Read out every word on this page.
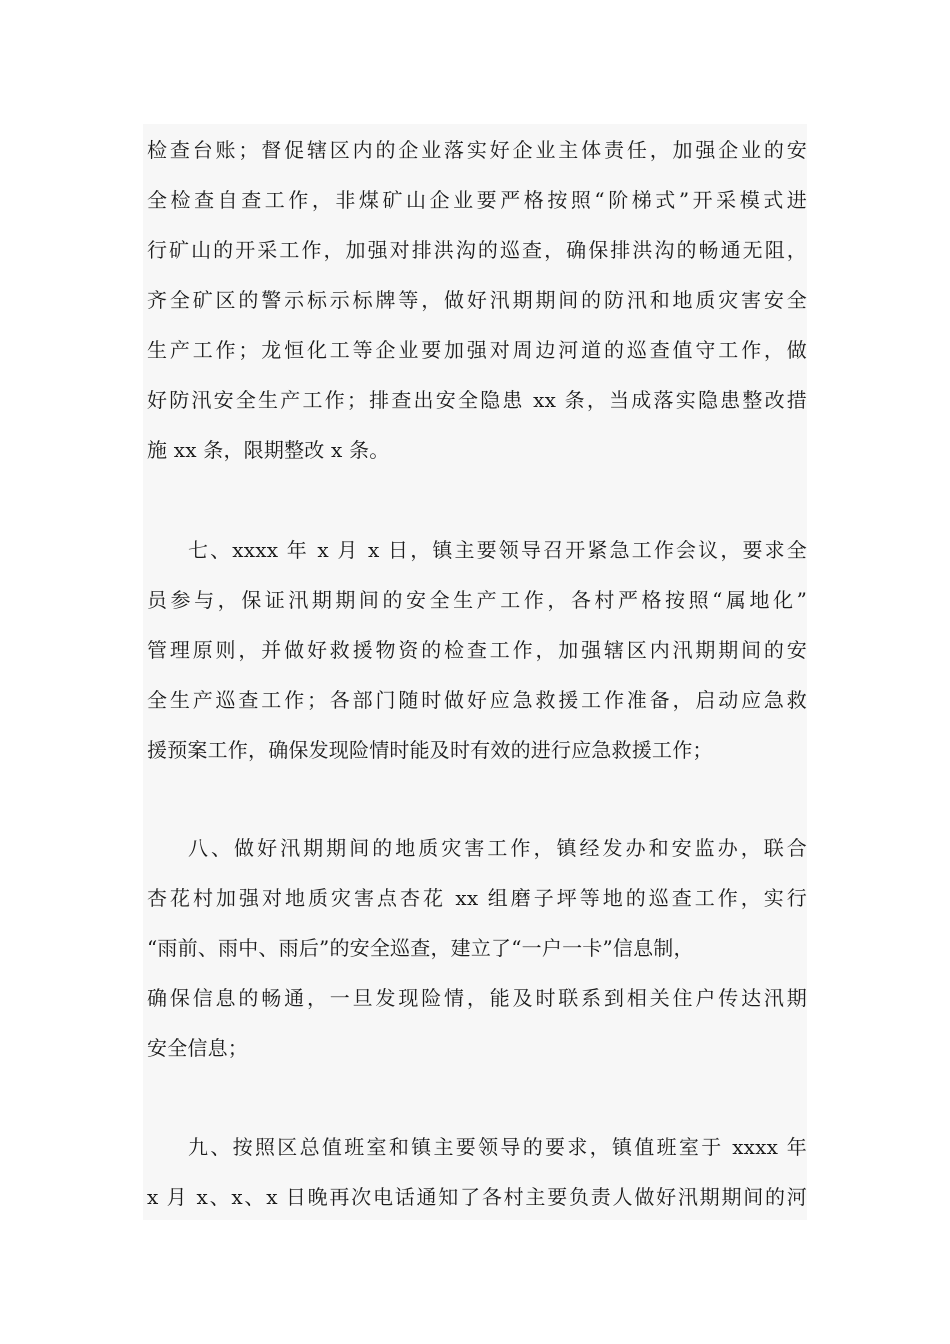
检查台账；督促辖区内的企业落实好企业主体责任，加强企业的安
全检查自查工作，非煤矿山企业要严格按照“阶梯式”开采模式进
行矿山的开采工作，加强对排洪沟的巡查，确保排洪沟的畅通无阻，
齐全矿区的警示标示标牌等，做好汛期期间的防汛和地质灾害安全
生产工作；龙恒化工等企业要加强对周边河道的巡查值守工作，做
好防汛安全生产工作；排查出安全隐患 xx 条，当成落实隐患整改措
施 xx 条，限期整改 x 条。
七、xxxx 年 x 月 x 日，镇主要领导召开紧急工作会议，要求全
员参与，保证汛期期间的安全生产工作，各村严格按照“属地化”
管理原则，并做好救援物资的检查工作，加强辖区内汛期期间的安
全生产巡查工作；各部门随时做好应急救援工作准备，启动应急救
援预案工作，确保发现险情时能及时有效的进行应急救援工作；
八、做好汛期期间的地质灾害工作，镇经发办和安监办，联合
杏花村加强对地质灾害点杏花 xx 组磨子坪等地的巡查工作，实行
“雨前、雨中、雨后”的安全巡查，建立了“一户一卡”信息制，
确保信息的畅通，一旦发现险情，能及时联系到相关住户传达汛期
安全信息；
九、按照区总值班室和镇主要领导的要求，镇值班室于 xxxx 年
x 月 x、x、x 日晚再次电话通知了各村主要负责人做好汛期期间的河
